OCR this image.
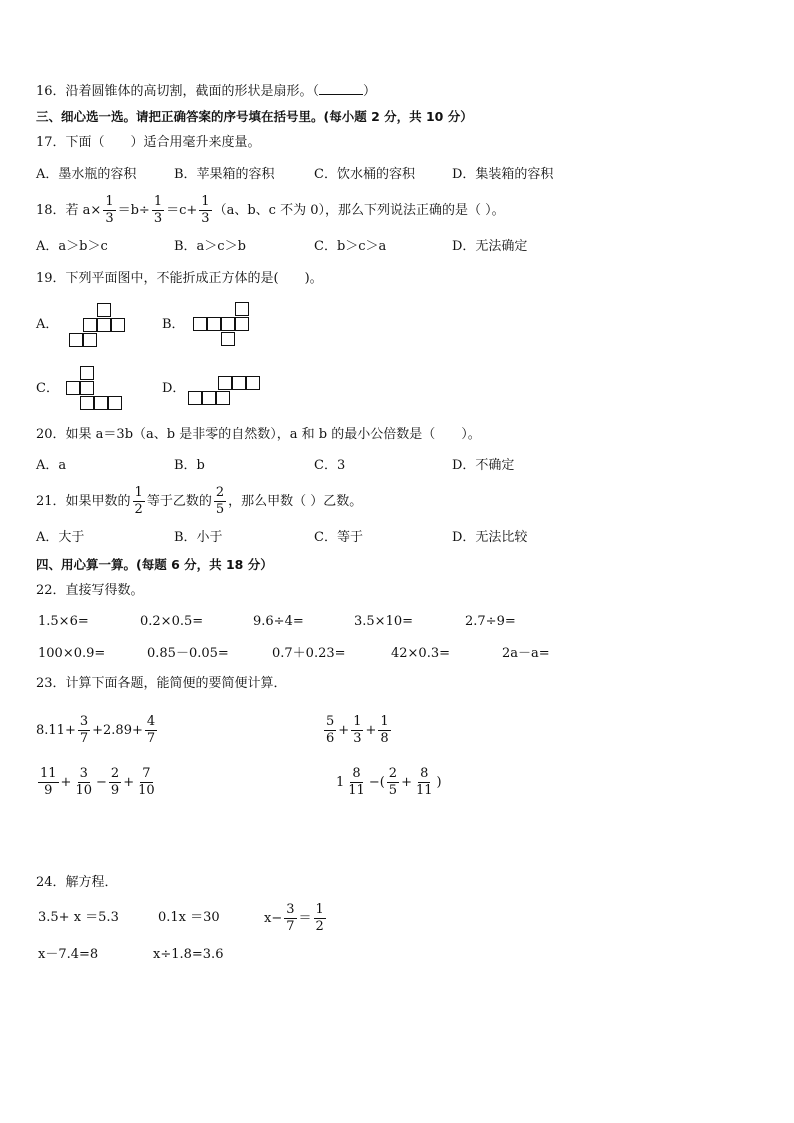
16．沿着圆锥体的高切割，截面的形状是扇形。（	）
三、细心选一选。请把正确答案的序号填在括号里。(每小题 2 分，共 10 分）
17．下面（　　）适合用毫升来度量。
A．墨水瓶的容积	B．苹果箱的容积	C．饮水桶的容积	D．集装箱的容积
18．若 $a\times \frac{1}{3} =b\div \frac{1}{3} =c+ \frac{1}{3} (a$、b、c 不为 0），那么下列说法正确的是（ ）。
A．a＞b＞c	B．a＞c＞b	C．b＞c＞a	D．无法确定
19．下列平面图中，不能折成正方体的是(　　)。
A．	B．
C．	D．
20．如果 a＝3b（a、b 是非零的自然数），a 和 b 的最小公倍数是（　　）。
A．a	B．b	C．3	D．不确定
21．如果甲数的 $\frac{1}{2}$ 等于乙数的 $\frac{2}{5}$ ，那么甲数（ ）乙数。
A．大于	B．小于	C．等于	D．无法比较
四、用心算一算。(每题 6 分，共 18 分）
22．直接写得数。
1.5×6=	0.2×0.5=	9.6÷4=	3.5×10=	2.7÷9=
100×0.9=	0.85－0.05=	0.7＋0.23=	42×0.3=	2a－a=
23．计算下面各题，能简便的要简便计算．
$8.11+ \frac{3}{7} +2.89+ \frac{4}{7}$	$\frac{5}{6} + \frac{1}{3} + \frac{1}{8}$
$\frac{11}{9} + \frac{3}{10} - \frac{2}{9} + \frac{7}{10}$	$1 \frac{8}{11}$ −( $\frac{2}{5} + \frac{8}{11}$ )
24．解方程．
3.5+ x ＝5.3	0.1x ＝30	$x- \frac{3}{7} = \frac{1}{2}$
x－7.4=8	x÷1.8=3.6
